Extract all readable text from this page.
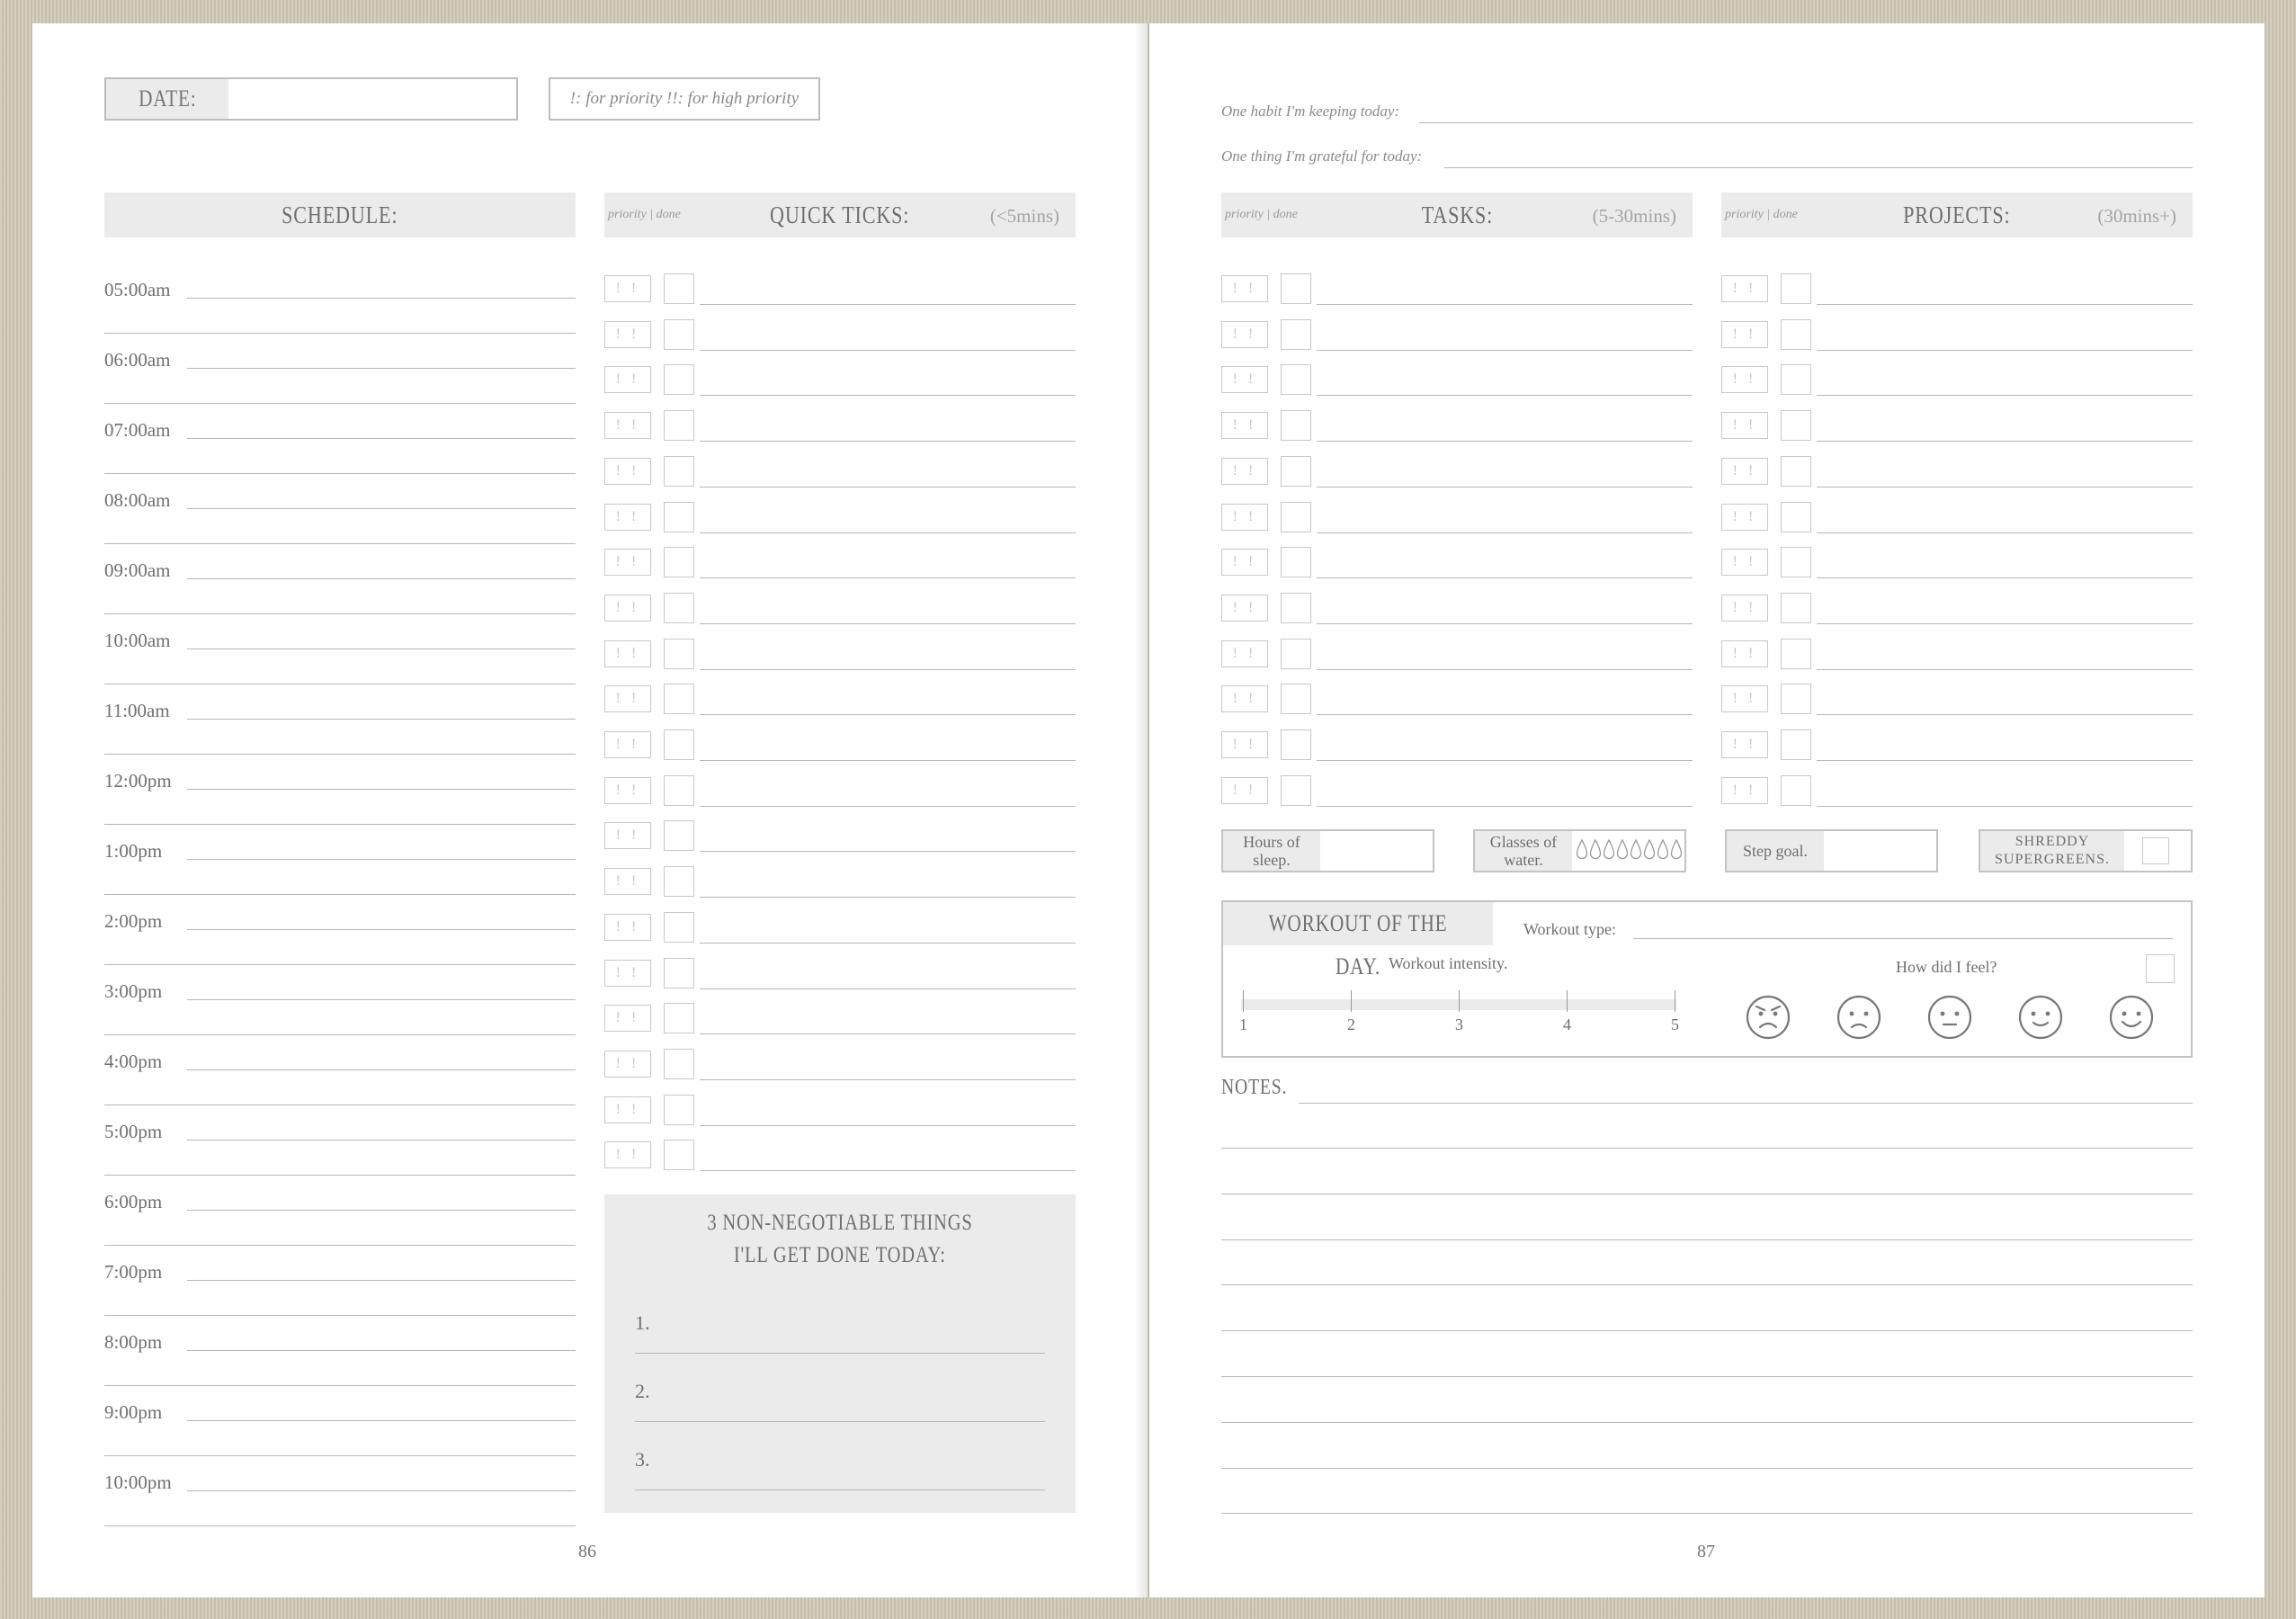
DATE:	!: for priority !!: for high priority
SCHEDULE:	priority | done	QUICK TICKS:	(<5mins)
3 NON-NEGOTIABLE THINGS
I'LL GET DONE TODAY:
1.
2.
3.
86
05:00am
06:00am
07:00am
08:00am
09:00am
10:00am
11:00am
12:00pm
1:00pm
2:00pm
3:00pm
4:00pm
5:00pm
6:00pm
7:00pm
8:00pm
9:00pm
10:00pm
! !
! !
! !
! !
! !
! !
! !
! !
! !
! !
! !
! !
! !
! !
! !
! !
! !
! !
! !
! !
One habit I'm keeping today:
One thing I'm grateful for today:
priority | done	TASKS:	(5-30mins)	priority | done	PROJECTS:	(30mins+)
Hours of
sleep.
Glasses of
water.	Step goal.
SHREDDY
SUPERGREENS.
WORKOUT OF THE DAY.
Workout type:
Workout intensity.	How did I feel?
1	2	3	4	5
NOTES.
87
! !
! !
! !
! !
! !
! !
! !
! !
! !
! !
! !
! !
! !
! !
! !
! !
! !
! !
! !
! !
! !
! !
! !
! !
